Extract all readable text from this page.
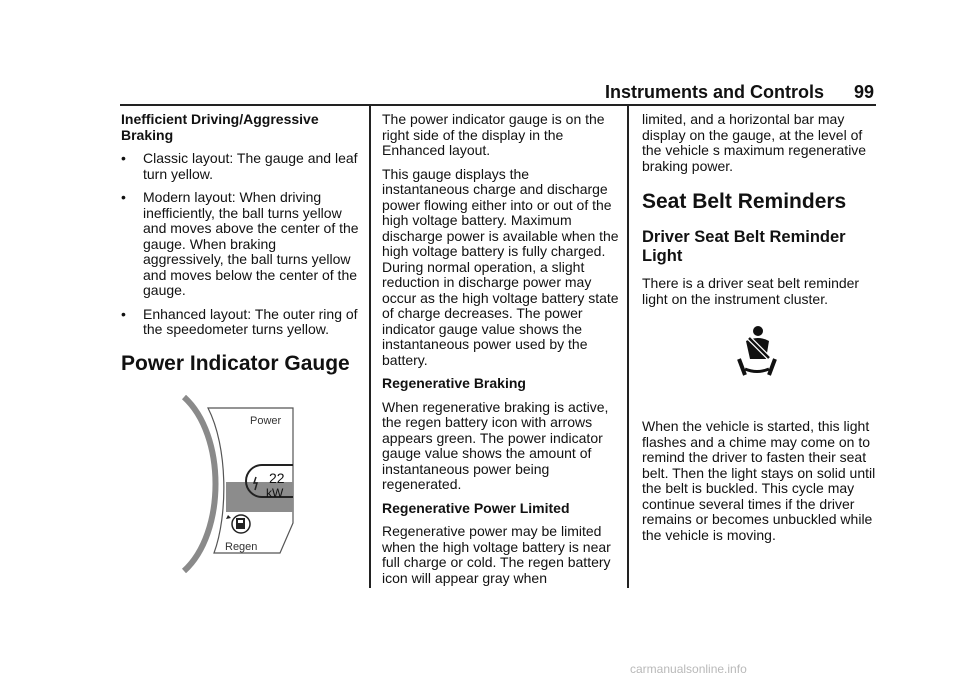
Instruments and Controls 99

Inefficient Driving/Aggressive Braking

• Classic layout: The gauge and leaf turn yellow.
• Modern layout: When driving inefficiently, the ball turns yellow and moves above the center of the gauge. When braking aggressively, the ball turns yellow and moves below the center of the gauge.
• Enhanced layout: The outer ring of the speedometer turns yellow.
Power Indicator Gauge
Power
22
kW
Regen

The power indicator gauge is on the right side of the display in the Enhanced layout.

This gauge displays the instantaneous charge and discharge power flowing either into or out of the high voltage battery. Maximum discharge power is available when the high voltage battery is fully charged. During normal operation, a slight reduction in discharge power may occur as the high voltage battery state of charge decreases. The power indicator gauge value shows the instantaneous power used by the battery.

Regenerative Braking

When regenerative braking is active, the regen battery icon with arrows appears green. The power indicator gauge value shows the amount of instantaneous power being regenerated.

Regenerative Power Limited

Regenerative power may be limited when the high voltage battery is near full charge or cold. The regen battery icon will appear gray when

limited, and a horizontal bar may display on the gauge, at the level of the vehicle s maximum regenerative braking power.

Seat Belt Reminders
Driver Seat Belt Reminder Light

There is a driver seat belt reminder light on the instrument cluster.

When the vehicle is started, this light flashes and a chime may come on to remind the driver to fasten their seat belt. Then the light stays on solid until the belt is buckled. This cycle may continue several times if the driver remains or becomes unbuckled while the vehicle is moving.

carmanualsonline.info
